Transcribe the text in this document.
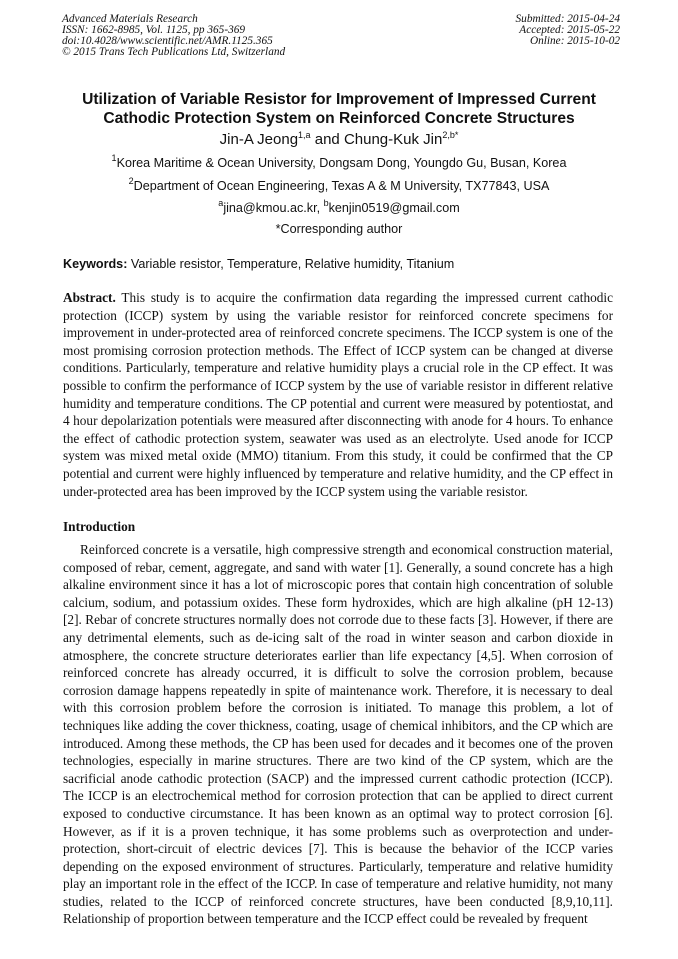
Advanced Materials Research
ISSN: 1662-8985, Vol. 1125, pp 365-369
doi:10.4028/www.scientific.net/AMR.1125.365
© 2015 Trans Tech Publications Ltd, Switzerland
Submitted: 2015-04-24
Accepted: 2015-05-22
Online: 2015-10-02
Utilization of Variable Resistor for Improvement of Impressed Current
Cathodic Protection System on Reinforced Concrete Structures
Jin-A Jeong$^{1,a}$ and Chung-Kuk Jin$^{2,b*}$
$^1$Korea Maritime & Ocean University, Dongsam Dong, Youngdo Gu, Busan, Korea
$^2$Department of Ocean Engineering, Texas A & M University, TX77843, USA
$^a$jina@kmou.ac.kr, $^b$kenjin0519@gmail.com
*Corresponding author
Keywords: Variable resistor, Temperature, Relative humidity, Titanium
Abstract. This study is to acquire the confirmation data regarding the impressed current cathodic protection (ICCP) system by using the variable resistor for reinforced concrete specimens for improvement in under-protected area of reinforced concrete specimens. The ICCP system is one of the most promising corrosion protection methods. The Effect of ICCP system can be changed at diverse conditions. Particularly, temperature and relative humidity plays a crucial role in the CP effect. It was possible to confirm the performance of ICCP system by the use of variable resistor in different relative humidity and temperature conditions. The CP potential and current were measured by potentiostat, and 4 hour depolarization potentials were measured after disconnecting with anode for 4 hours. To enhance the effect of cathodic protection system, seawater was used as an electrolyte. Used anode for ICCP system was mixed metal oxide (MMO) titanium. From this study, it could be confirmed that the CP potential and current were highly influenced by temperature and relative humidity, and the CP effect in under-protected area has been improved by the ICCP system using the variable resistor.
Introduction
Reinforced concrete is a versatile, high compressive strength and economical construction material, composed of rebar, cement, aggregate, and sand with water [1]. Generally, a sound concrete has a high alkaline environment since it has a lot of microscopic pores that contain high concentration of soluble calcium, sodium, and potassium oxides. These form hydroxides, which are high alkaline (pH 12-13) [2]. Rebar of concrete structures normally does not corrode due to these facts [3]. However, if there are any detrimental elements, such as de-icing salt of the road in winter season and carbon dioxide in atmosphere, the concrete structure deteriorates earlier than life expectancy [4,5]. When corrosion of reinforced concrete has already occurred, it is difficult to solve the corrosion problem, because corrosion damage happens repeatedly in spite of maintenance work. Therefore, it is necessary to deal with this corrosion problem before the corrosion is initiated. To manage this problem, a lot of techniques like adding the cover thickness, coating, usage of chemical inhibitors, and the CP which are introduced. Among these methods, the CP has been used for decades and it becomes one of the proven technologies, especially in marine structures. There are two kind of the CP system, which are the sacrificial anode cathodic protection (SACP) and the impressed current cathodic protection (ICCP). The ICCP is an electrochemical method for corrosion protection that can be applied to direct current exposed to conductive circumstance. It has been known as an optimal way to protect corrosion [6]. However, as if it is a proven technique, it has some problems such as overprotection and under-protection, short-circuit of electric devices [7]. This is because the behavior of the ICCP varies depending on the exposed environment of structures. Particularly, temperature and relative humidity play an important role in the effect of the ICCP. In case of temperature and relative humidity, not many studies, related to the ICCP of reinforced concrete structures, have been conducted [8,9,10,11]. Relationship of proportion between temperature and the ICCP effect could be revealed by frequent
